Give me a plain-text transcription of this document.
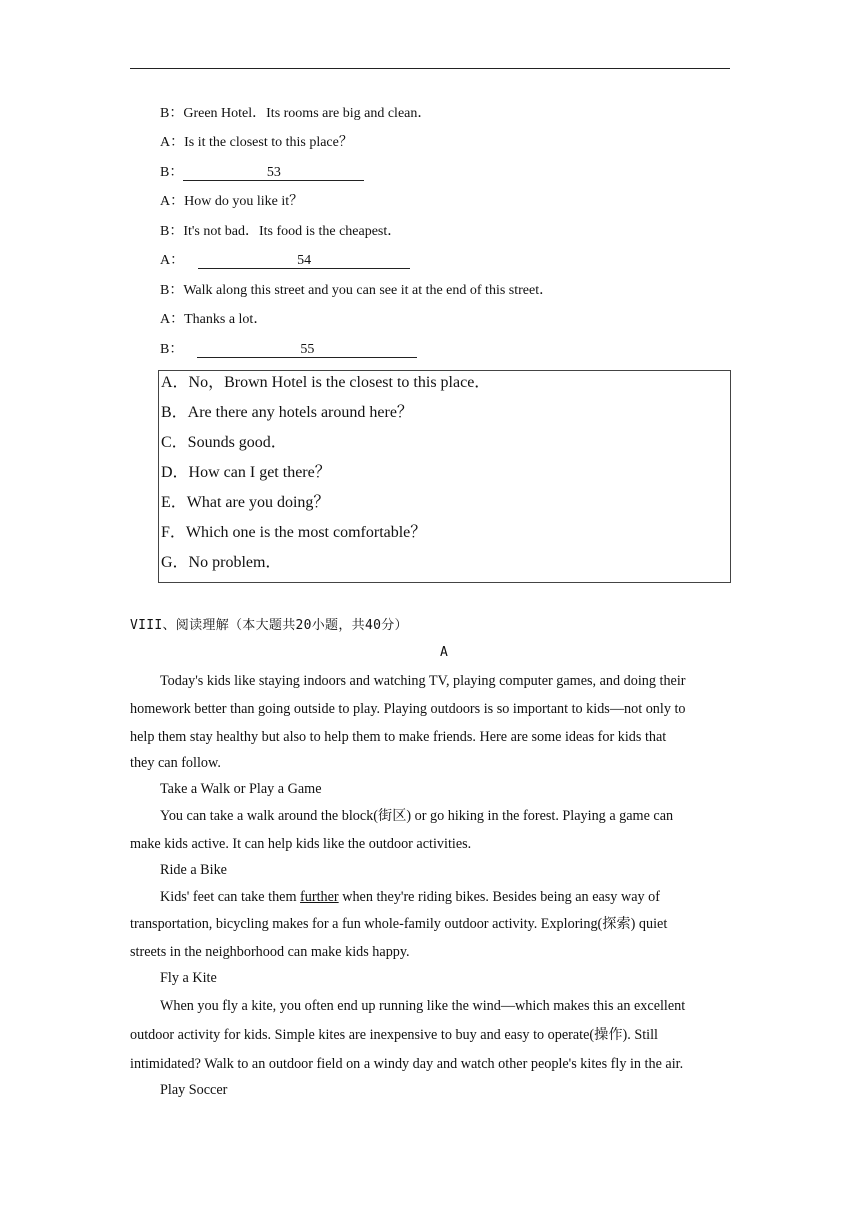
B：Green Hotel．Its rooms are big and clean．
A：Is it the closest to this place？
B：	53
A：How do you like it？
B：It's not bad．Its food is the cheapest．
A：	54
B：Walk along this street and you can see it at the end of this street．
A：Thanks a lot．
B：	55
A．No，Brown Hotel is the closest to this place．
B．Are there any hotels around here？
C．Sounds good．
D．How can I get there？
E．What are you doing？
F．Which one is the most comfortable？
G．No problem．
VIII、阅读理解（本大题共20小题，共40分）
A
Today's kids like staying indoors and watching TV, playing computer games, and doing their
homework better than going outside to play. Playing outdoors is so important to kids—not only to
help them stay healthy but also to help them to make friends. Here are some ideas for kids that
they can follow.
Take a Walk or Play a Game
You can take a walk around the block(街区) or go hiking in the forest. Playing a game can
make kids active. It can help kids like the outdoor activities.
Ride a Bike
Kids' feet can take them further when they're riding bikes. Besides being an easy way of
transportation, bicycling makes for a fun whole-family outdoor activity. Exploring(探索) quiet
streets in the neighborhood can make kids happy.
Fly a Kite
When you fly a kite, you often end up running like the wind—which makes this an excellent
outdoor activity for kids. Simple kites are inexpensive to buy and easy to operate(操作). Still
intimidated? Walk to an outdoor field on a windy day and watch other people's kites fly in the air.
Play Soccer
